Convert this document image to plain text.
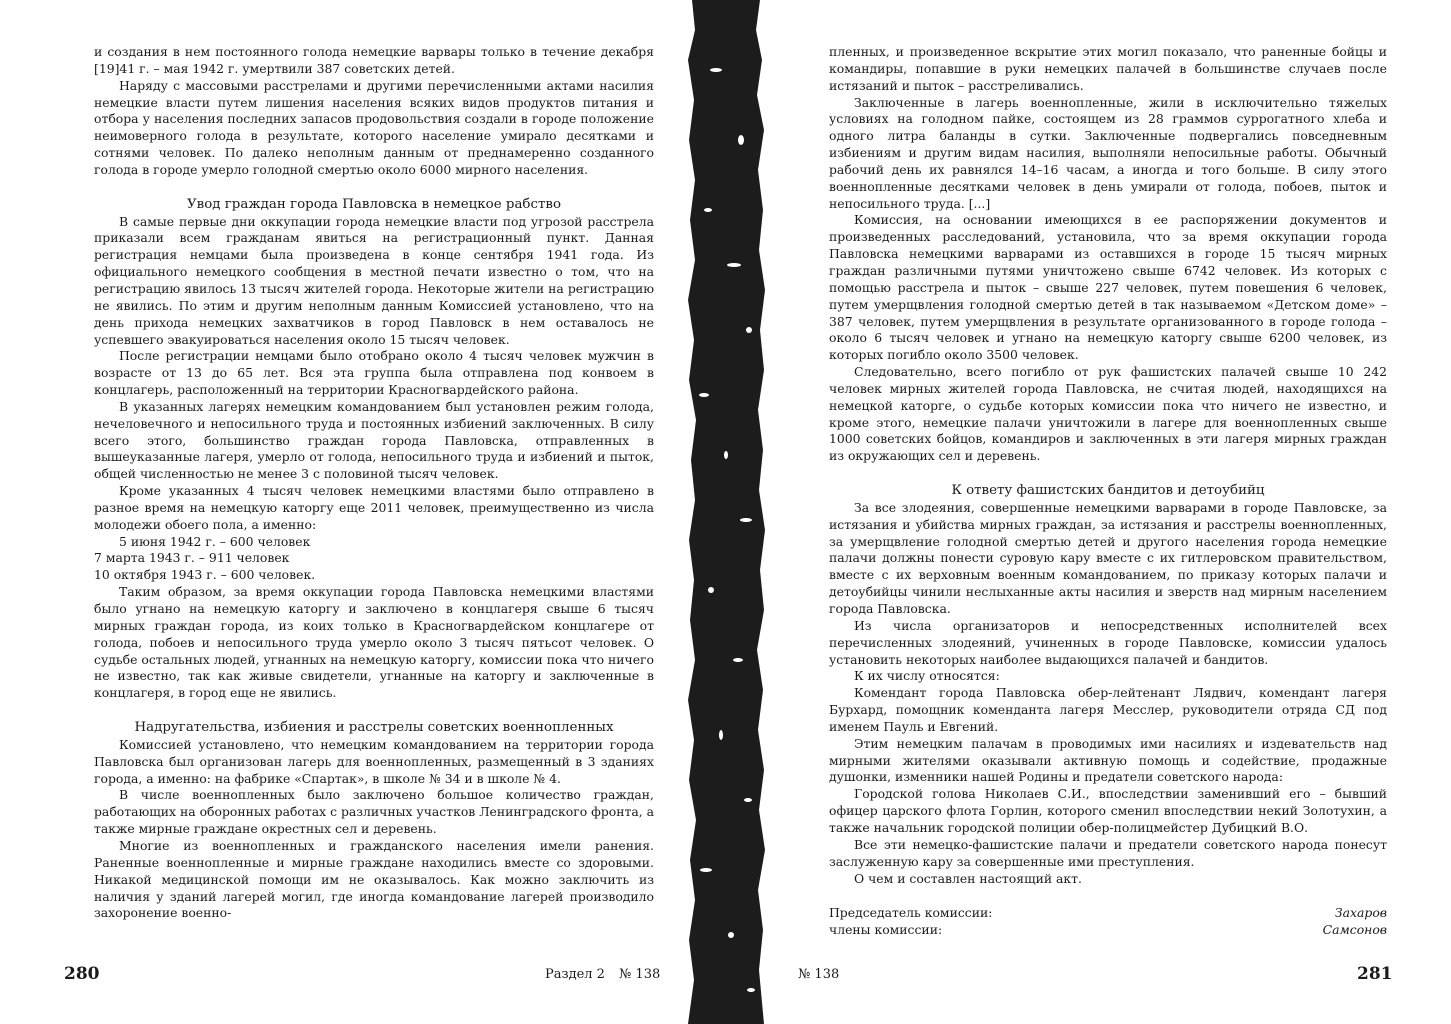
и создания в нем постоянного голода немецкие варвары только в течение декабря [19]41 г. – мая 1942 г. умертвили 387 советских детей.

Наряду с массовыми расстрелами и другими перечисленными актами насилия немецкие власти путем лишения населения всяких видов продуктов питания и отбора у населения последних запасов продовольствия создали в городе положение неимоверного голода в результате, которого население умирало десятками и сотнями человек. По далеко неполным данным от преднамеренно созданного голода в городе умерло голодной смертью около 6000 мирного населения.

Увод граждан города Павловска в немецкое рабство

В самые первые дни оккупации города немецкие власти под угрозой расстрела приказали всем гражданам явиться на регистрационный пункт. Данная регистрация немцами была произведена в конце сентября 1941 года. Из официального немецкого сообщения в местной печати известно о том, что на регистрацию явилось 13 тысяч жителей города. Некоторые жители на регистрацию не явились. По этим и другим неполным данным Комиссией установлено, что на день прихода немецких захватчиков в город Павловск в нем оставалось не успевшего эвакуироваться населения около 15 тысяч человек.

После регистрации немцами было отобрано около 4 тысяч человек мужчин в возрасте от 13 до 65 лет. Вся эта группа была отправлена под конвоем в концлагерь, расположенный на территории Красногвардейского района.

В указанных лагерях немецким командованием был установлен режим голода, нечеловечного и непосильного труда и постоянных избиений заключенных. В силу всего этого, большинство граждан города Павловска, отправленных в вышеуказанные лагеря, умерло от голода, непосильного труда и избиений и пыток, общей численностью не менее 3 с половиной тысяч человек.

Кроме указанных 4 тысяч человек немецкими властями было отправлено в разное время на немецкую каторгу еще 2011 человек, преимущественно из числа молодежи обоего пола, а именно:

5 июня 1942 г. – 600 человек
7 марта 1943 г. – 911 человек
10 октября 1943 г. – 600 человек.

Таким образом, за время оккупации города Павловска немецкими властями было угнано на немецкую каторгу и заключено в концлагеря свыше 6 тысяч мирных граждан города, из коих только в Красногвардейском концлагере от голода, побоев и непосильного труда умерло около 3 тысяч пятьсот человек. О судьбе остальных людей, угнанных на немецкую каторгу, комиссии пока что ничего не известно, так как живые свидетели, угнанные на каторгу и заключенные в концлагеря, в город еще не явились.

Надругательства, избиения и расстрелы советских военнопленных

Комиссией установлено, что немецким командованием на территории города Павловска был организован лагерь для военнопленных, размещенный в 3 зданиях города, а именно: на фабрике «Спартак», в школе № 34 и в школе № 4.

В числе военнопленных было заключено большое количество граждан, работающих на оборонных работах с различных участков Ленинградского фронта, а также мирные граждане окрестных сел и деревень.

Многие из военнопленных и гражданского населения имели ранения. Раненные военнопленные и мирные граждане находились вместе со здоровыми. Никакой медицинской помощи им не оказывалось. Как можно заключить из наличия у зданий лагерей могил, где иногда командование лагерей производило захоронение военно-

280	Раздел 2 № 138

пленных, и произведенное вскрытие этих могил показало, что раненные бойцы и командиры, попавшие в руки немецких палачей в большинстве случаев после истязаний и пыток – расстреливались.

Заключенные в лагерь военнопленные, жили в исключительно тяжелых условиях на голодном пайке, состоящем из 28 граммов суррогатного хлеба и одного литра баланды в сутки. Заключенные подвергались повседневным избиениям и другим видам насилия, выполняли непосильные работы. Обычный рабочий день их равнялся 14–16 часам, а иногда и того больше. В силу этого военнопленные десятками человек в день умирали от голода, побоев, пыток и непосильного труда. [...]

Комиссия, на основании имеющихся в ее распоряжении документов и произведенных расследований, установила, что за время оккупации города Павловска немецкими варварами из оставшихся в городе 15 тысяч мирных граждан различными путями уничтожено свыше 6742 человек. Из которых с помощью расстрела и пыток – свыше 227 человек, путем повешения 6 человек, путем умерщвления голодной смертью детей в так называемом «Детском доме» – 387 человек, путем умерщвления в результате организованного в городе голода – около 6 тысяч человек и угнано на немецкую каторгу свыше 6200 человек, из которых погибло около 3500 человек.

Следовательно, всего погибло от рук фашистских палачей свыше 10 242 человек мирных жителей города Павловска, не считая людей, находящихся на немецкой каторге, о судьбе которых комиссии пока что ничего не известно, и кроме этого, немецкие палачи уничтожили в лагере для военнопленных свыше 1000 советских бойцов, командиров и заключенных в эти лагеря мирных граждан из окружающих сел и деревень.

К ответу фашистских бандитов и детоубийц

За все злодеяния, совершенные немецкими варварами в городе Павловске, за истязания и убийства мирных граждан, за истязания и расстрелы военнопленных, за умерщвление голодной смертью детей и другого населения города немецкие палачи должны понести суровую кару вместе с их гитлеровском правительством, вместе с их верховным военным командованием, по приказу которых палачи и детоубийцы чинили неслыханные акты насилия и зверств над мирным населением города Павловска.

Из числа организаторов и непосредственных исполнителей всех перечисленных злодеяний, учиненных в городе Павловске, комиссии удалось установить некоторых наиболее выдающихся палачей и бандитов.

К их числу относятся:

Комендант города Павловска обер-лейтенант Лядвич, комендант лагеря Бурхард, помощник коменданта лагеря Месслер, руководители отряда СД под именем Пауль и Евгений.

Этим немецким палачам в проводимых ими насилиях и издевательств над мирными жителями оказывали активную помощь и содействие, продажные душонки, изменники нашей Родины и предатели советского народа:

Городской голова Николаев С.И., впоследствии заменивший его – бывший офицер царского флота Горлин, которого сменил впоследствии некий Золотухин, а также начальник городской полиции обер-полицмейстер Дубицкий В.О.

Все эти немецко-фашистские палачи и предатели советского народа понесут заслуженную кару за совершенные ими преступления.

О чем и составлен настоящий акт.

Председатель комиссии:	Захаров
члены комиссии:	Самсонов
№ 138	281
